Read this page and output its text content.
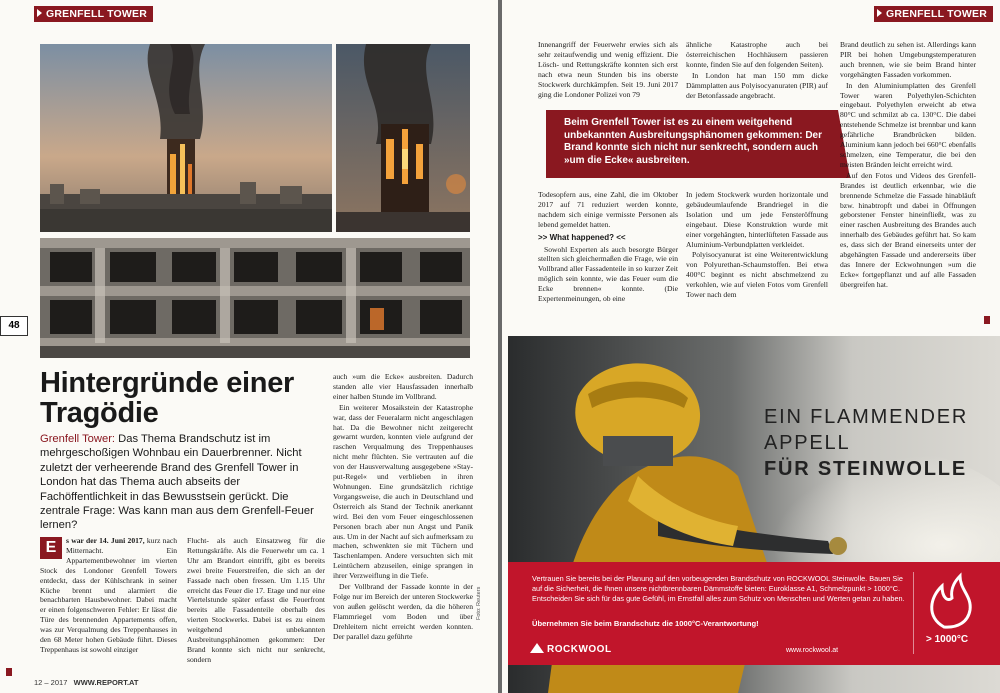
GRENFELL TOWER
48
Hintergründe einer Tragödie

Grenfell Tower: Das Thema Brandschutz ist im mehrgeschoßigen Wohnbau ein Dauerbrenner. Nicht zuletzt der verheerende Brand des Grenfell Tower in London hat das Thema auch abseits der Fachöffentlichkeit in das Bewusstsein gerückt. Die zentrale Frage: Was kann man aus dem Grenfell-Feuer lernen?

E	s war der 14. Juni 2017, kurz nach Mitternacht. Ein Appartementbewohner im vierten Stock des Londoner Grenfell Towers entdeckt, dass der Kühlschrank in seiner Küche brennt und alarmiert die benachbarten Hausbewohner. Dabei macht er einen folgenschweren Fehler: Er lässt die Türe des brennenden Appartements offen, was zur Verqualmung des Treppenhauses in den 68 Meter hohen Gebäude führt. Dieses Treppenhaus ist sowohl einziger

Flucht- als auch Einsatzweg für die Rettungskräfte. Als die Feuerwehr um ca. 1 Uhr am Brandort eintrifft, gibt es bereits zwei breite Feuerstreifen, die sich an der Fassade nach oben fressen. Um 1.15 Uhr erreicht das Feuer die 17. Etage und nur eine Viertelstunde später erfasst die Feuerfront bereits alle Fassadenteile oberhalb des vierten Stockwerks. Dabei ist es zu einem weitgehend unbekannten Ausbreitungsphänomen gekommen: Der Brand konnte sich nicht nur senkrecht, sondern

auch »um die Ecke« ausbreiten. Dadurch standen alle vier Hausfassaden innerhalb einer halben Stunde im Vollbrand.

Ein weiterer Mosaikstein der Katastrophe war, dass der Feueralarm nicht angeschlagen hat. Da die Bewohner nicht zeitgerecht gewarnt wurden, konnten viele aufgrund der raschen Verqualmung des Treppenhauses nicht mehr flüchten. Sie vertrauten auf die von der Hausverwaltung ausgegebene »Stay-put-Regel« und verblieben in ihren Wohnungen. Eine grundsätzlich richtige Vorgangsweise, die auch in Deutschland und Österreich als Stand der Technik anerkannt wird. Bei den vom Feuer eingeschlossenen Personen brach aber nun Angst und Panik aus. Um in der Nacht auf sich aufmerksam zu machen, schwenkten sie mit Tüchern und Taschenlampen. Andere versuchten sich mit Leintüchern abzuseilen, einige sprangen in ihrer Verzweiflung in die Tiefe.

Der Vollbrand der Fassade konnte in der Folge nur im Bereich der unteren Stockwerke von außen gelöscht werden, da die höheren Flammriegel vom Boden und über Drehleitern nicht erreicht werden konnten. Der parallel dazu geführte

Foto: Reuters
12 – 2017 WWW.REPORT.AT
GRENFELL TOWER

Innenangriff der Feuerwehr erwies sich als sehr zeitaufwendig und wenig effizient. Die Lösch- und Rettungskräfte konnten sich erst nach etwa neun Stunden bis ins oberste Stockwerk durchkämpfen. Seit 19. Juni 2017 ging die Londoner Polizei von 79

ähnliche Katastrophe auch bei österreichischen Hochhäusern passieren konnte, finden Sie auf den folgenden Seiten).

In London hat man 150 mm dicke Dämmplatten aus Polyisocyanuraten (PIR) auf der Betonfassade angebracht.

Beim Grenfell Tower ist es zu einem weitgehend unbekannten Ausbreitungsphänomen gekommen: Der Brand konnte sich nicht nur senkrecht, sondern auch »um die Ecke« ausbreiten.

Todesopfern aus, eine Zahl, die im Oktober 2017 auf 71 reduziert werden konnte, nachdem sich einige vermisste Personen als lebend gemeldet hatten.

>> What happened? <<

Sowohl Experten als auch besorgte Bürger stellten sich gleichermaßen die Frage, wie ein Vollbrand aller Fassadenteile in so kurzer Zeit möglich sein konnte, wie das Feuer »um die Ecke brennen« konnte. (Die Expertenmeinungen, ob eine

In jedem Stockwerk wurden horizontale und gebäudeumlaufende Brandriegel in die Isolation und um jede Fensteröffnung eingebaut. Diese Konstruktion wurde mit einer vorgehängten, hinterlüfteten Fassade aus Aluminium-Verbundplatten verkleidet.

Polyisocyanurat ist eine Weiterentwicklung von Polyurethan-Schaumstoffen. Bei etwa 400°C beginnt es nicht abschmelzend zu verkohlen, wie auf vielen Fotos vom Grenfell Tower nach dem

Brand deutlich zu sehen ist. Allerdings kann PIR bei hohen Umgebungstemperaturen auch brennen, wie sie beim Brand hinter vorgehängten Fassaden vorkommen.

In den Aluminiumplatten des Grenfell Tower waren Polyethylen-Schichten eingebaut. Polyethylen erweicht ab etwa 80°C und schmilzt ab ca. 130°C. Die dabei entstehende Schmelze ist brennbar und kann gefährliche Brandbrücken bilden. Aluminium kann jedoch bei 660°C ebenfalls schmelzen, eine Temperatur, die bei den meisten Bränden leicht erreicht wird.

Auf den Fotos und Videos des Grenfell-Brandes ist deutlich erkennbar, wie die brennende Schmelze die Fassade hinabläuft bzw. hinabtropft und dabei in Öffnungen geborstener Fenster hineinfließt, was zu einer raschen Ausbreitung des Brandes auch innerhalb des Gebäudes geführt hat. So kam es, dass sich der Brand einerseits unter der abgehängten Fassade und andererseits über das Innere der Eckwohnungen »um die Ecke« fortgepflanzt und auf alle Fassaden übergreifen hat.

EIN FLAMMENDER
APPELL
FÜR STEINWOLLE

Vertrauen Sie bereits bei der Planung auf den vorbeugenden Brandschutz von ROCKWOOL Steinwolle. Bauen Sie auf die Sicherheit, die Ihnen unsere nichtbrennbaren Dämmstoffe bieten: Euroklasse A1, Schmelzpunkt > 1000°C. Entscheiden Sie sich für das gute Gefühl, im Ernstfall alles zum Schutz von Menschen und Werten getan zu haben.

Übernehmen Sie beim Brandschutz die 1000°C-Verantwortung!

ROCKWOOL	www.rockwool.at
> 1000°C
